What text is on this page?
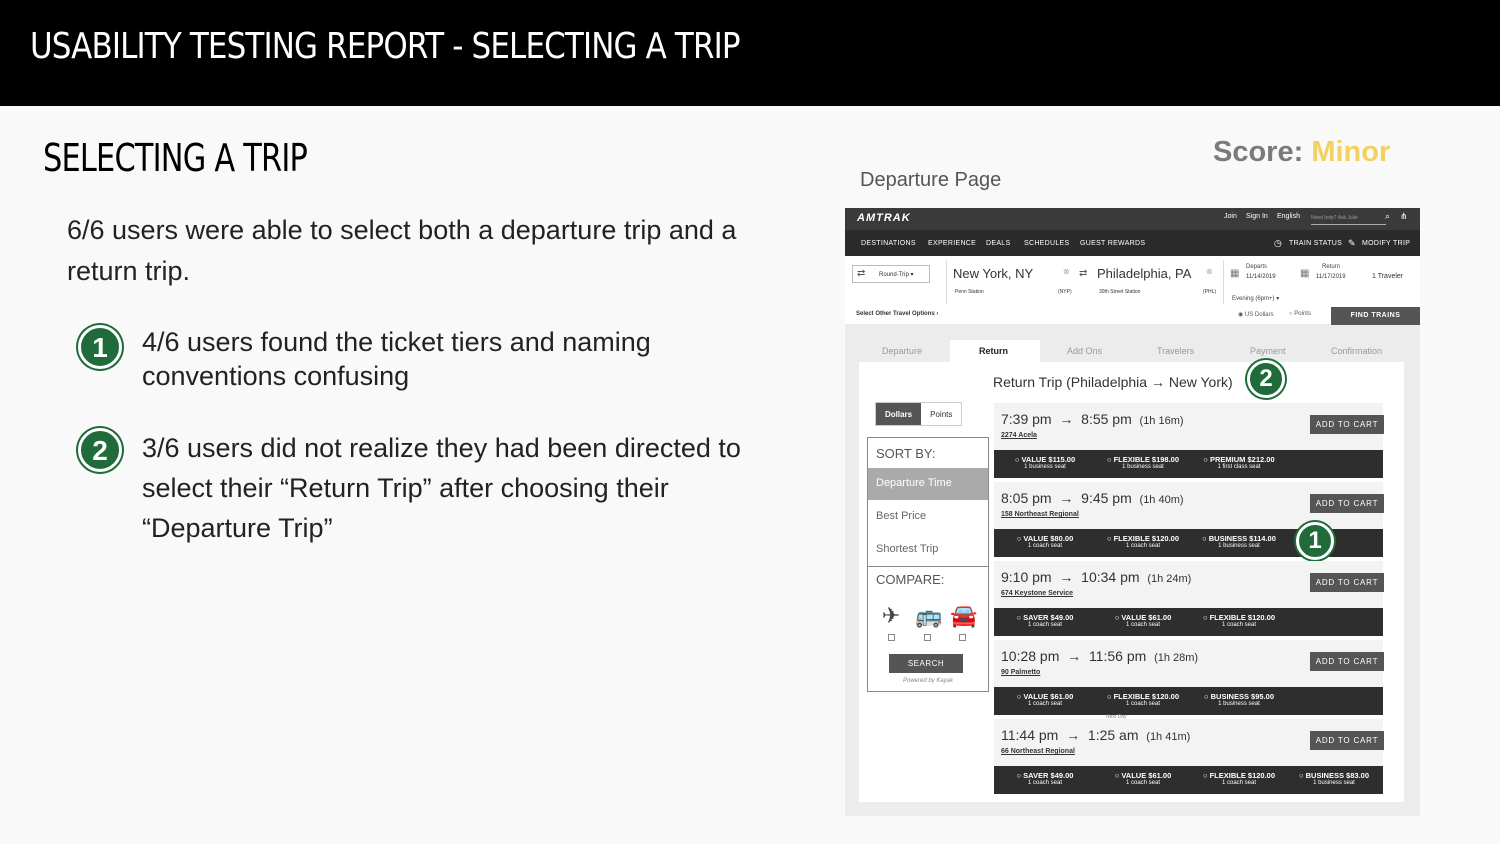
USABILITY TESTING REPORT - SELECTING A TRIP
SELECTING A TRIP
6/6 users were able to select both a departure trip and a return trip.
1	4/6 users found the ticket tiers and naming conventions confusing
2	3/6 users did not realize they had been directed to select their “Return Trip” after choosing their “Departure Trip”
Score: Minor
Departure Page
AMTRAK	Join Sign In English Need help? Ask Julie	⌕ ⋔
DESTINATIONS EXPERIENCE DEALS SCHEDULES GUEST REWARDS	◷ TRAIN STATUS ✎ MODIFY TRIP
Round-Trip ▾
⇄	New York, NY
Penn Station	(NYP)
⊗ ⇄ Philadelphia, PA
30th Street Station	(PHL)
⊗ ▦
Departs
11/14/2019 ▦
Return
11/17/2019	1 Traveler
Evening (6pm+) ▾
Select Other Travel Options ›	◉ US Dollars	○ Points	FIND TRAINS
Departure	Return	Add Ons	Travelers	Payment	Confirmation
Return Trip (Philadelphia → New York)	2
Dollars	Points
SORT BY:
Departure Time
Best Price
Shortest Trip
COMPARE:
✈ 🚌 🚘
SEARCH
Powered by Kayak
7:39 pm  →  8:55 pm (1h 16m)
2274 Acela
ADD TO CART
○ VALUE $115.00
1 business seat
○ FLEXIBLE $198.00
1 business seat
○ PREMIUM $212.00
1 first class seat
8:05 pm  →  9:45 pm (1h 40m)
158 Northeast Regional
ADD TO CART
○ VALUE $80.00
1 coach seat
○ FLEXIBLE $120.00
1 coach seat
○ BUSINESS $114.00
1 business seat	1
9:10 pm  →  10:34 pm (1h 24m)
674 Keystone Service
ADD TO CART
○ SAVER $49.00
1 coach seat
○ VALUE $61.00
1 coach seat
○ FLEXIBLE $120.00
1 coach seat
10:28 pm  →  11:56 pm (1h 28m)
90 Palmetto
ADD TO CART
○ VALUE $61.00
1 coach seat
○ FLEXIBLE $120.00
1 coach seat
○ BUSINESS $95.00
1 business seat
Next Day
11:44 pm  →  1:25 am (1h 41m)
66 Northeast Regional
ADD TO CART
○ SAVER $49.00
1 coach seat
○ VALUE $61.00
1 coach seat
○ FLEXIBLE $120.00
1 coach seat
○ BUSINESS $83.00
1 business seat
